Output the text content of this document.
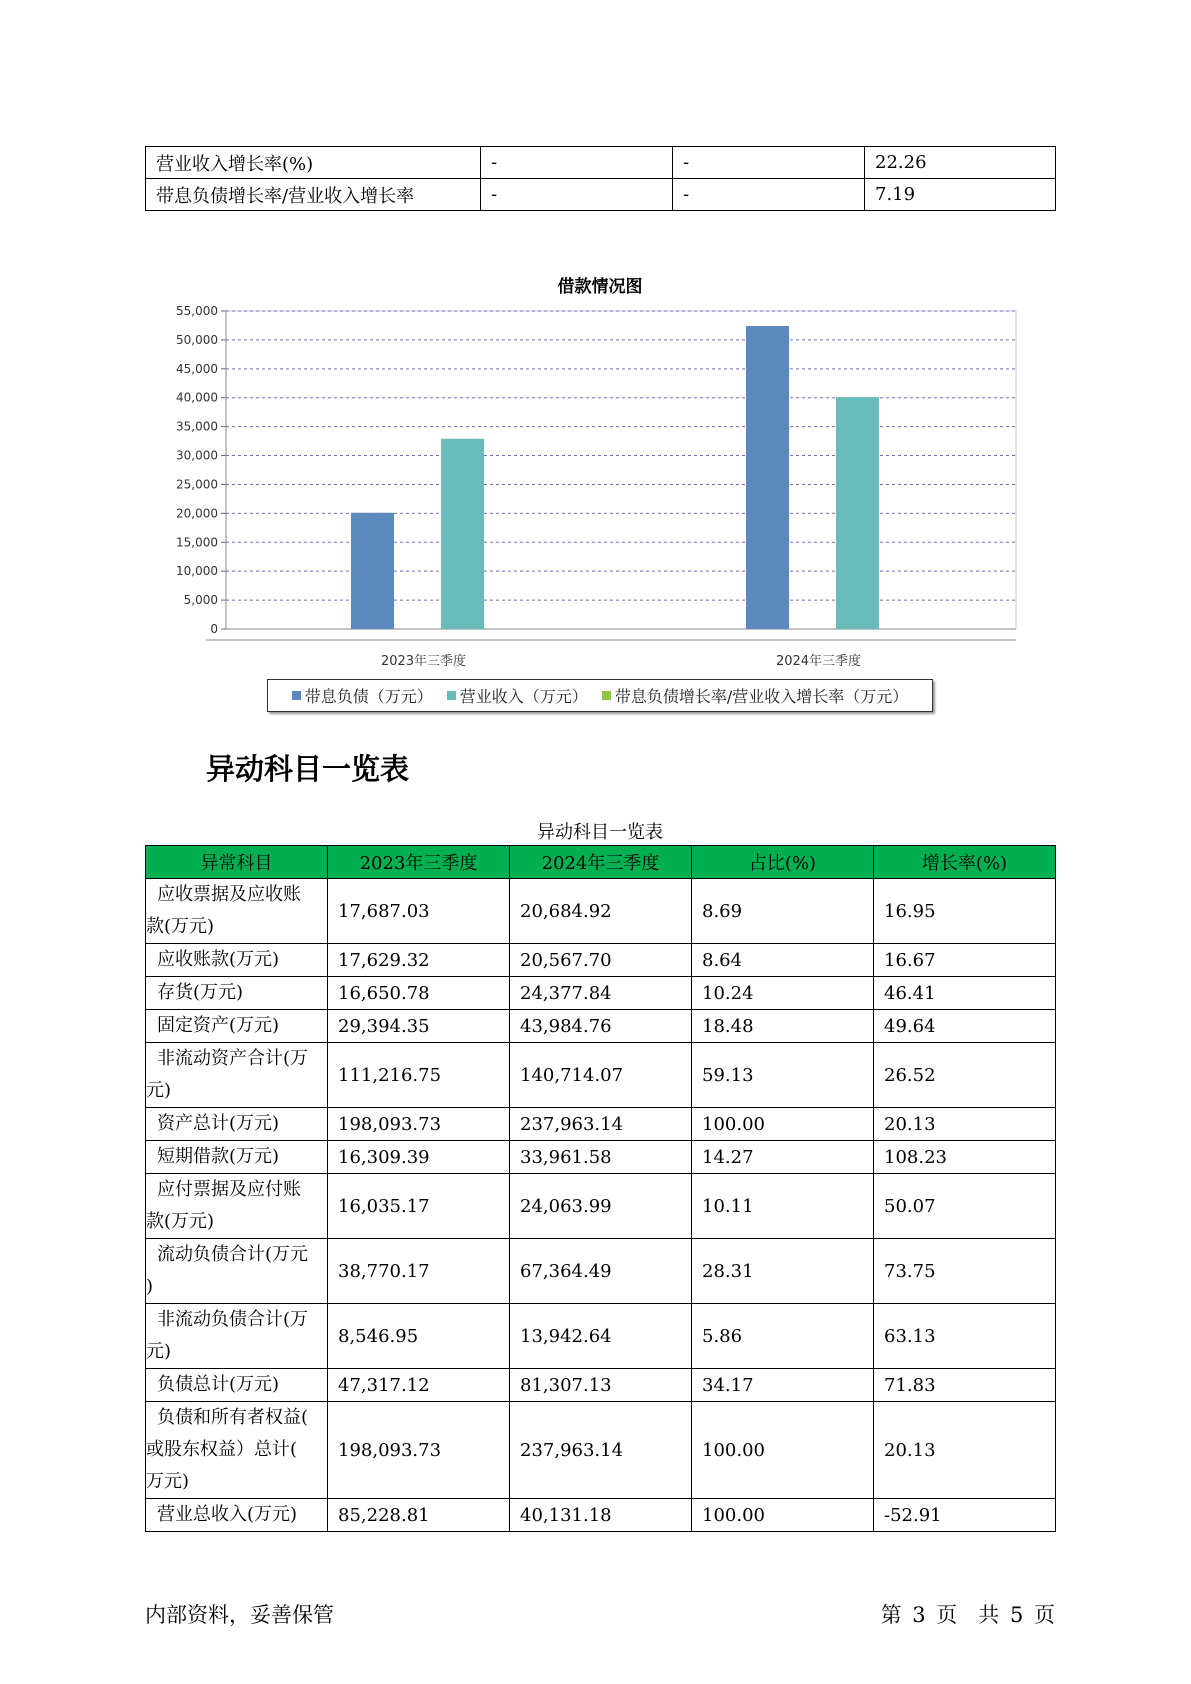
营业收入增长率(%)	-	-	22.26
带息负债增长率/营业收入增长率	-	-	7.19
借款情况图
0
5,000
10,000
15,000
20,000
25,000
30,000
35,000
40,000
45,000
50,000
55,000
2023年三季度	2024年三季度
带息负债（万元） 营业收入（万元） 带息负债增长率/营业收入增长率（万元）
异动科目一览表
异动科目一览表
异常科目	2023年三季度	2024年三季度	占比(%)	增长率(%)

应收票据及应收账
款(万元)	17,687.03	20,684.92	8.69	16.95

应收账款(万元)	17,629.32	20,567.70	8.64	16.67

存货(万元)	16,650.78	24,377.84	10.24	46.41

固定资产(万元)	29,394.35	43,984.76	18.48	49.64

非流动资产合计(万
元)	111,216.75	140,714.07	59.13	26.52

资产总计(万元)	198,093.73	237,963.14	100.00	20.13

短期借款(万元)	16,309.39	33,961.58	14.27	108.23

应付票据及应付账
款(万元)	16,035.17	24,063.99	10.11	50.07

流动负债合计(万元
)	38,770.17	67,364.49	28.31	73.75

非流动负债合计(万
元)	8,546.95	13,942.64	5.86	63.13

负债总计(万元)	47,317.12	81,307.13	34.17	71.83

负债和所有者权益(
或股东权益）总计(
万元)	198,093.73	237,963.14	100.00	20.13

营业总收入(万元)	85,228.81	40,131.18	100.00	-52.91
内部资料，妥善保管	第 3 页　共 5 页
